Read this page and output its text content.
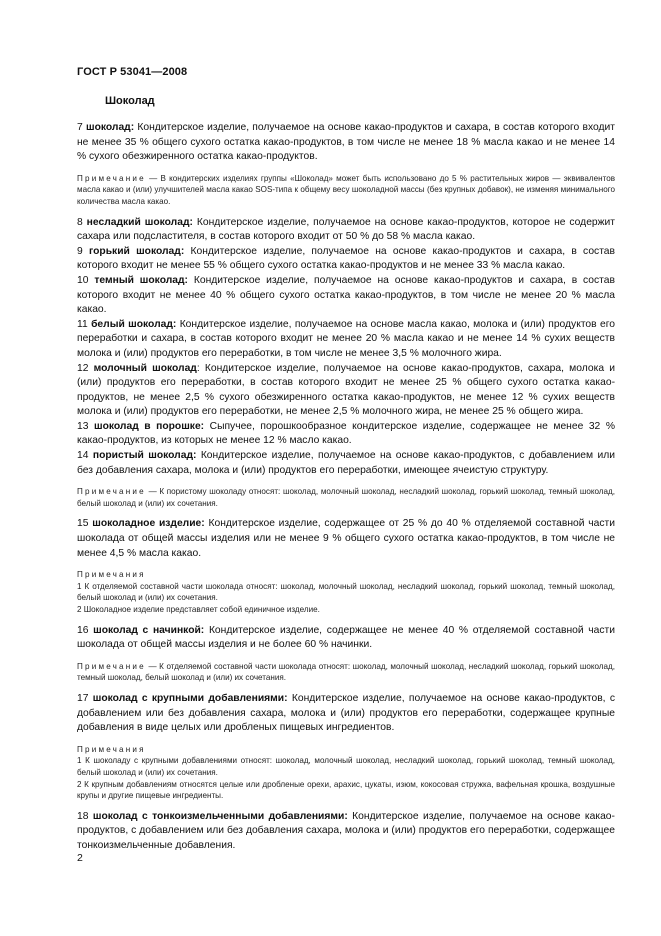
ГОСТ Р 53041—2008
Шоколад

7 шоколад: Кондитерское изделие, получаемое на основе какао-продуктов и сахара, в состав которого входит не менее 35 % общего сухого остатка какао-продуктов, в том числе не менее 18 % масла какао и не менее 14 % сухого обезжиренного остатка какао-продуктов.

Примечание — В кондитерских изделиях группы «Шоколад» может быть использовано до 5 % растительных жиров — эквивалентов масла какао и (или) улучшителей масла какао SOS-типа к общему весу шоколадной массы (без крупных добавок), не изменяя минимального количества масла какао.

8 несладкий шоколад: Кондитерское изделие, получаемое на основе какао-продуктов, которое не содержит сахара или подсластителя, в состав которого входит от 50 % до 58 % масла какао.

9 горький шоколад: Кондитерское изделие, получаемое на основе какао-продуктов и сахара, в состав которого входит не менее 55 % общего сухого остатка какао-продуктов и не менее 33 % масла какао.

10 темный шоколад: Кондитерское изделие, получаемое на основе какао-продуктов и сахара, в состав которого входит не менее 40 % общего сухого остатка какао-продуктов, в том числе не менее 20 % масла какао.

11 белый шоколад: Кондитерское изделие, получаемое на основе масла какао, молока и (или) продуктов его переработки и сахара, в состав которого входит не менее 20 % масла какао и не менее 14 % сухих веществ молока и (или) продуктов его переработки, в том числе не менее 3,5 % молочного жира.

12 молочный шоколад: Кондитерское изделие, получаемое на основе какао-продуктов, сахара, молока и (или) продуктов его переработки, в состав которого входит не менее 25 % общего сухого остатка какао-продуктов, не менее 2,5 % сухого обезжиренного остатка какао-продуктов, не менее 12 % сухих веществ молока и (или) продуктов его переработки, не менее 2,5 % молочного жира, не менее 25 % общего жира.

13 шоколад в порошке: Сыпучее, порошкообразное кондитерское изделие, содержащее не менее 32 % какао-продуктов, из которых не менее 12 % масло какао.

14 пористый шоколад: Кондитерское изделие, получаемое на основе какао-продуктов, с добавлением или без добавления сахара, молока и (или) продуктов его переработки, имеющее ячеистую структуру.

Примечание — К пористому шоколаду относят: шоколад, молочный шоколад, несладкий шоколад, горький шоколад, темный шоколад, белый шоколад и (или) их сочетания.

15 шоколадное изделие: Кондитерское изделие, содержащее от 25 % до 40 % отделяемой составной части шоколада от общей массы изделия или не менее 9 % общего сухого остатка какао-продуктов, в том числе не менее 4,5 % масла какао.

Примечания

1 К отделяемой составной части шоколада относят: шоколад, молочный шоколад, несладкий шоколад, горький шоколад, темный шоколад, белый шоколад и (или) их сочетания.

2 Шоколадное изделие представляет собой единичное изделие.

16 шоколад с начинкой: Кондитерское изделие, содержащее не менее 40 % отделяемой составной части шоколада от общей массы изделия и не более 60 % начинки.

Примечание — К отделяемой составной части шоколада относят: шоколад, молочный шоколад, несладкий шоколад, горький шоколад, темный шоколад, белый шоколад и (или) их сочетания.

17 шоколад с крупными добавлениями: Кондитерское изделие, получаемое на основе какао-продуктов, с добавлением или без добавления сахара, молока и (или) продуктов его переработки, содержащее крупные добавления в виде целых или дробленых пищевых ингредиентов.

Примечания

1 К шоколаду с крупными добавлениями относят: шоколад, молочный шоколад, несладкий шоколад, горький шоколад, темный шоколад, белый шоколад и (или) их сочетания.

2 К крупным добавлениям относятся целые или дробленые орехи, арахис, цукаты, изюм, кокосовая стружка, вафельная крошка, воздушные крупы и другие пищевые ингредиенты.

18 шоколад с тонкоизмельченными добавлениями: Кондитерское изделие, получаемое на основе какао-продуктов, с добавлением или без добавления сахара, молока и (или) продуктов его переработки, содержащее тонкоизмельченные добавления.

2
